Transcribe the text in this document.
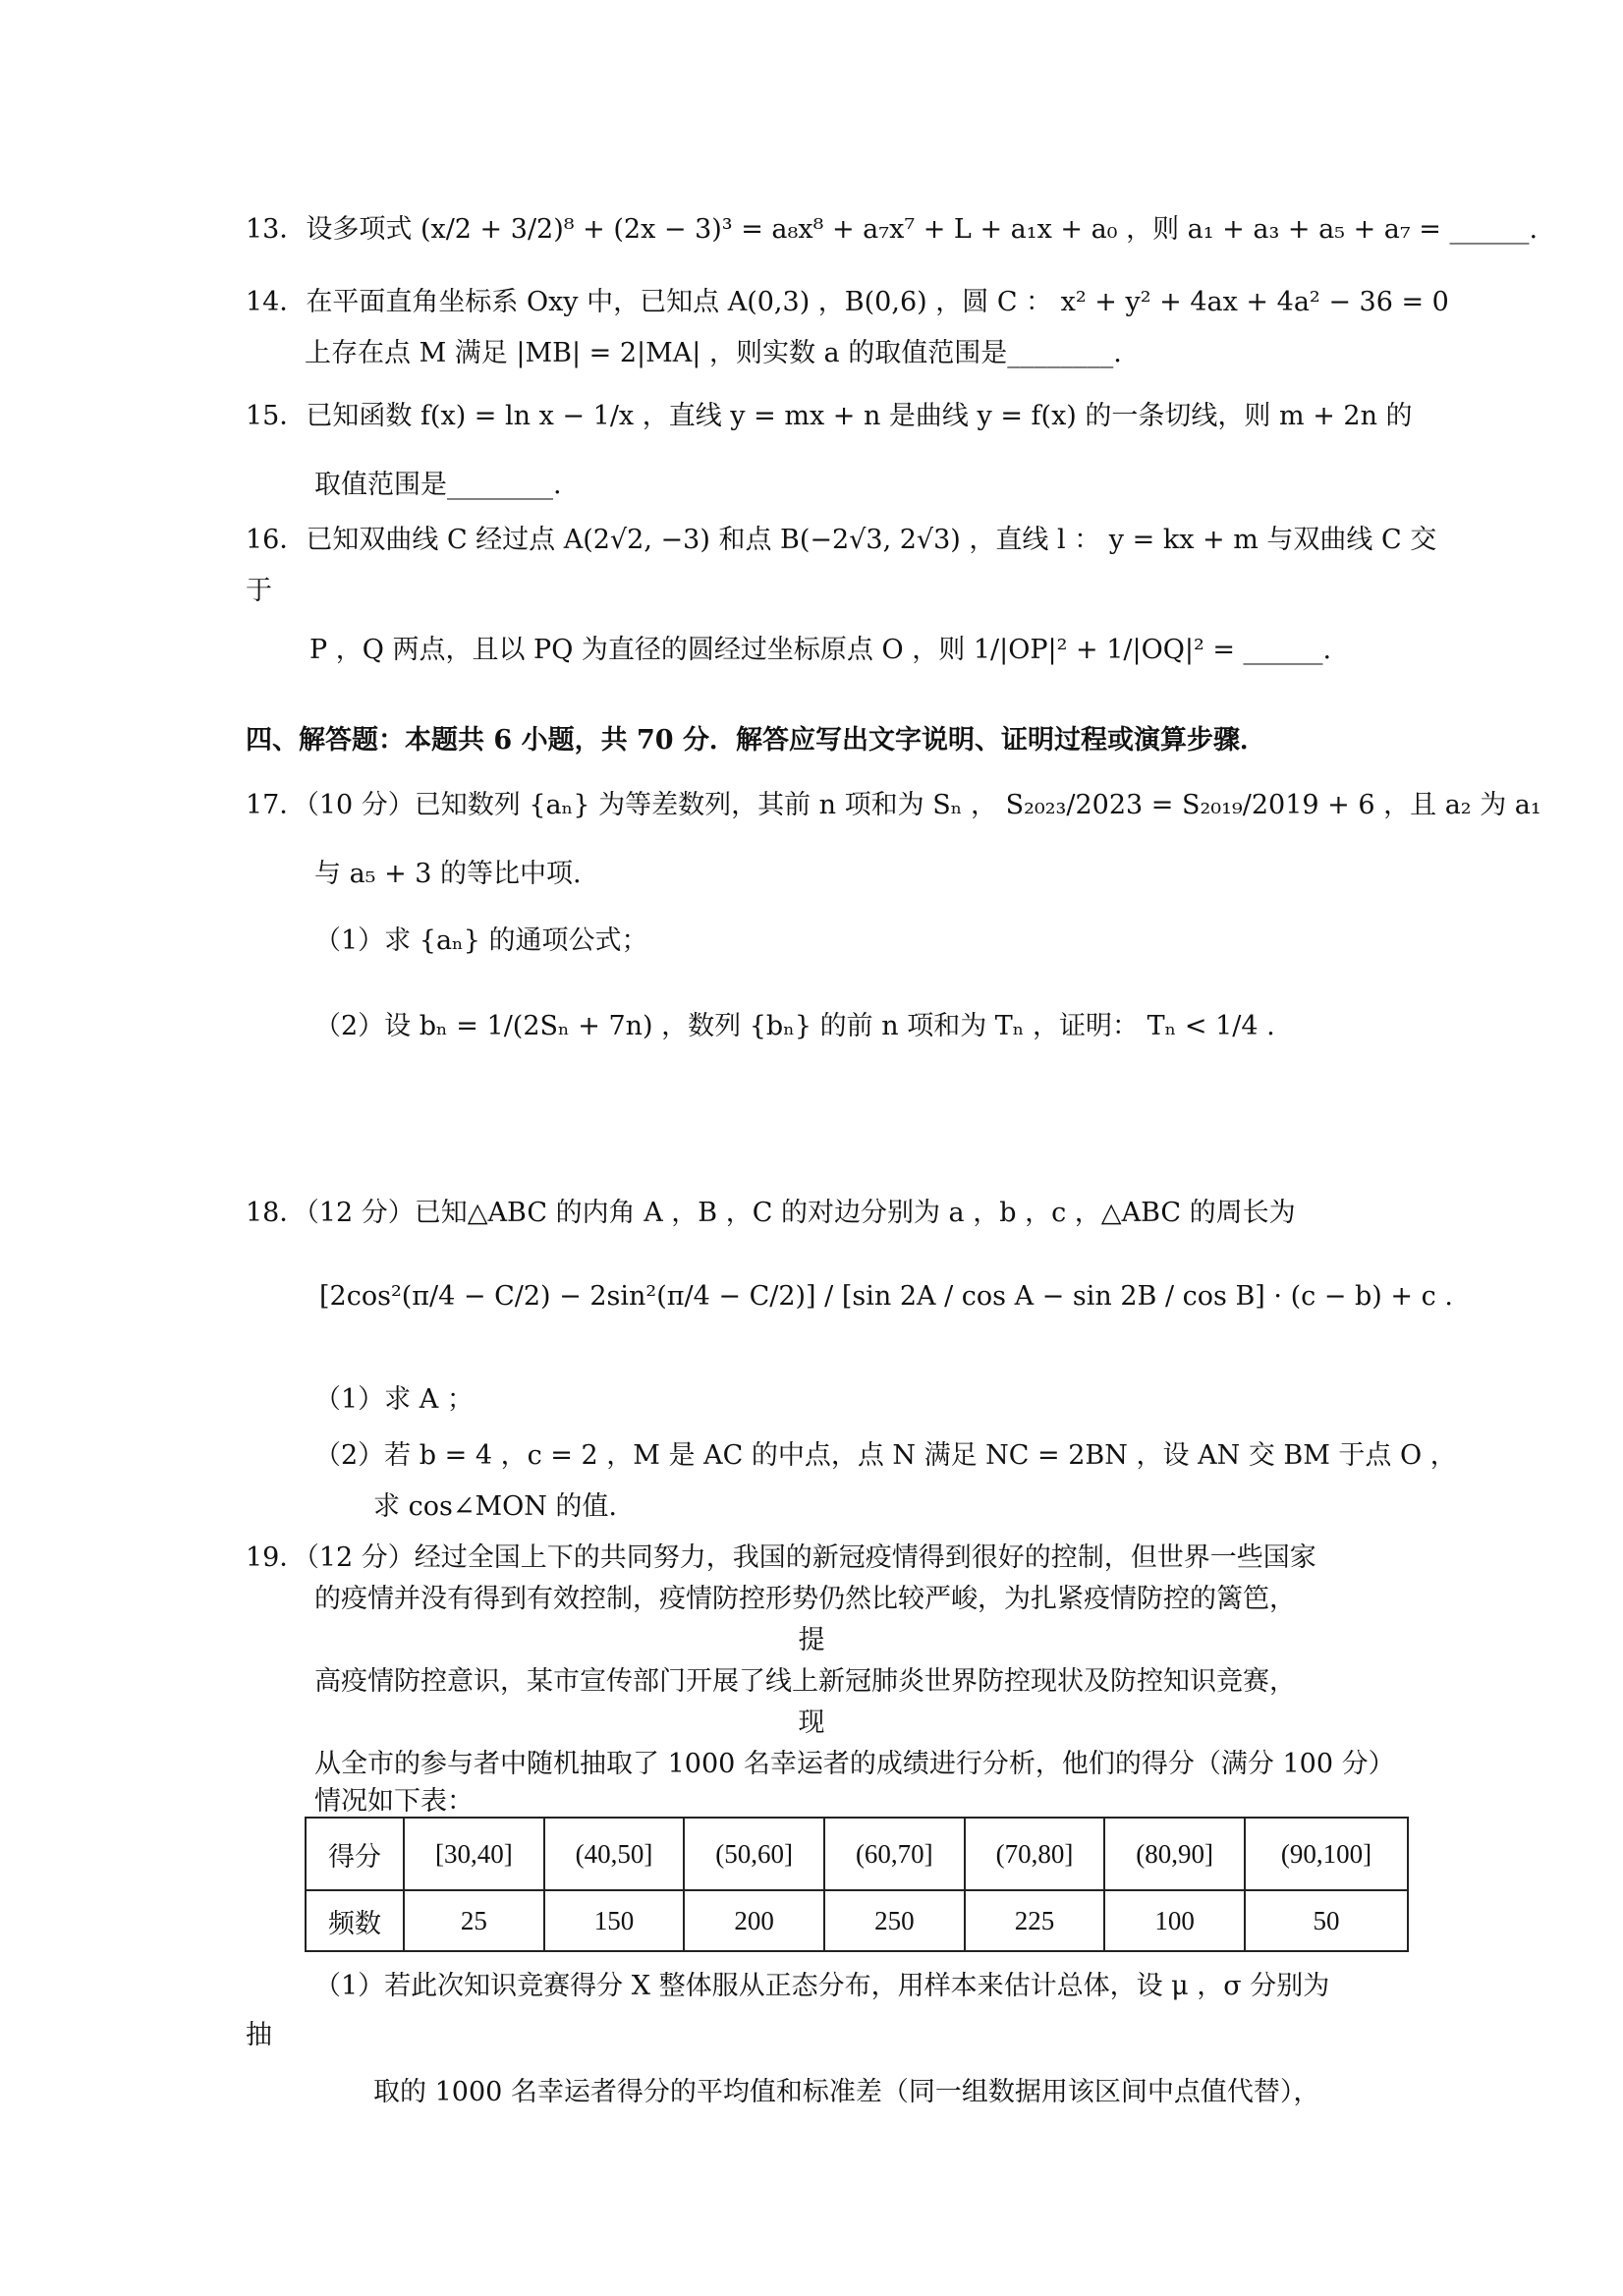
13．设多项式 (x/2 + 3/2)⁸ + (2x − 3)³ = a₈x⁸ + a₇x⁷ + L + a₁x + a₀ ，则 a₁ + a₃ + a₅ + a₇ = ______.
14．在平面直角坐标系 Oxy 中，已知点 A(0,3) ，B(0,6) ，圆 C ： x² + y² + 4ax + 4a² − 36 = 0
上存在点 M 满足 |MB| = 2|MA| ，则实数 a 的取值范围是________.
15．已知函数 f(x) = ln x − 1/x ，直线 y = mx + n 是曲线 y = f(x) 的一条切线，则 m + 2n 的
取值范围是________.
16．已知双曲线 C 经过点 A(2√2, −3) 和点 B(−2√3, 2√3) ，直线 l ： y = kx + m 与双曲线 C 交
于
P ，Q 两点，且以 PQ 为直径的圆经过坐标原点 O ，则 1/|OP|² + 1/|OQ|² = ______.
四、解答题：本题共 6 小题，共 70 分．解答应写出文字说明、证明过程或演算步骤．
17．（10 分）已知数列 {aₙ} 为等差数列，其前 n 项和为 Sₙ ， S₂₀₂₃/2023 = S₂₀₁₉/2019 + 6 ，且 a₂ 为 a₁
与 a₅ + 3 的等比中项.
（1）求 {aₙ} 的通项公式；
（2）设 bₙ = 1/(2Sₙ + 7n) ，数列 {bₙ} 的前 n 项和为 Tₙ ，证明： Tₙ < 1/4 .
18．（12 分）已知△ABC 的内角 A ，B ，C 的对边分别为 a ，b ，c ，△ABC 的周长为
[2cos²(π/4 − C/2) − 2sin²(π/4 − C/2)] / [sin 2A / cos A − sin 2B / cos B] · (c − b) + c .
（1）求 A ；
（2）若 b = 4 ，c = 2 ，M 是 AC 的中点，点 N 满足 NC = 2BN ，设 AN 交 BM 于点 O ，
求 cos∠MON 的值.
19．（12 分）经过全国上下的共同努力，我国的新冠疫情得到很好的控制，但世界一些国家
的疫情并没有得到有效控制，疫情防控形势仍然比较严峻，为扎紧疫情防控的篱笆，
提
高疫情防控意识，某市宣传部门开展了线上新冠肺炎世界防控现状及防控知识竞赛，
现
从全市的参与者中随机抽取了 1000 名幸运者的成绩进行分析，他们的得分（满分 100 分）
情况如下表：
得分	[30,40]	(40,50]	(50,60]	(60,70]	(70,80]	(80,90]	(90,100]
频数	25	150	200	250	225	100	50
（1）若此次知识竞赛得分 X 整体服从正态分布，用样本来估计总体，设 μ ，σ 分别为
抽
取的 1000 名幸运者得分的平均值和标准差（同一组数据用该区间中点值代替），
